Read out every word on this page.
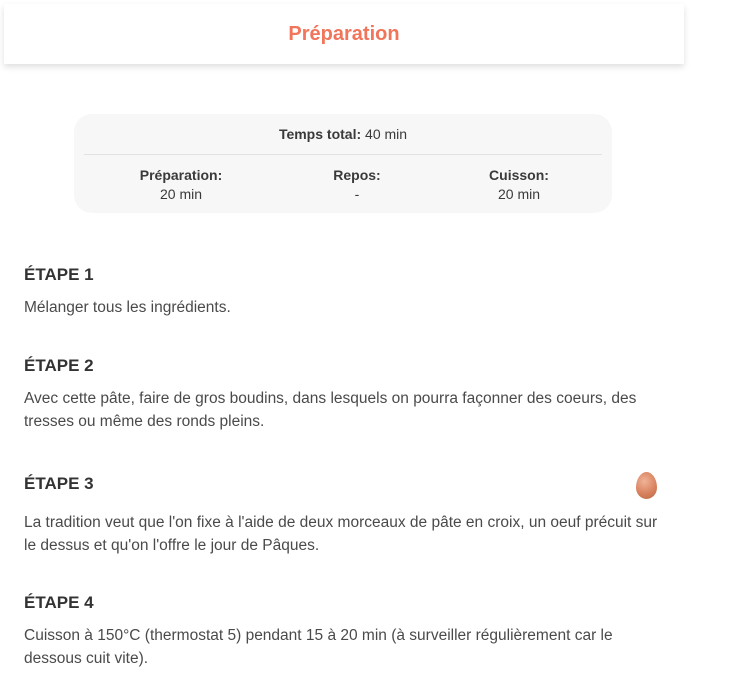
Préparation
Temps total: 40 min
Préparation:
20 min
Repos:
-
Cuisson:
20 min
ÉTAPE 1
Mélanger tous les ingrédients.
ÉTAPE 2
Avec cette pâte, faire de gros boudins, dans lesquels on pourra façonner des coeurs, des tresses ou même des ronds pleins.
ÉTAPE 3
La tradition veut que l'on fixe à l'aide de deux morceaux de pâte en croix, un oeuf précuit sur le dessus et qu'on l'offre le jour de Pâques.
ÉTAPE 4
Cuisson à 150°C (thermostat 5) pendant 15 à 20 min (à surveiller régulièrement car le dessous cuit vite).
